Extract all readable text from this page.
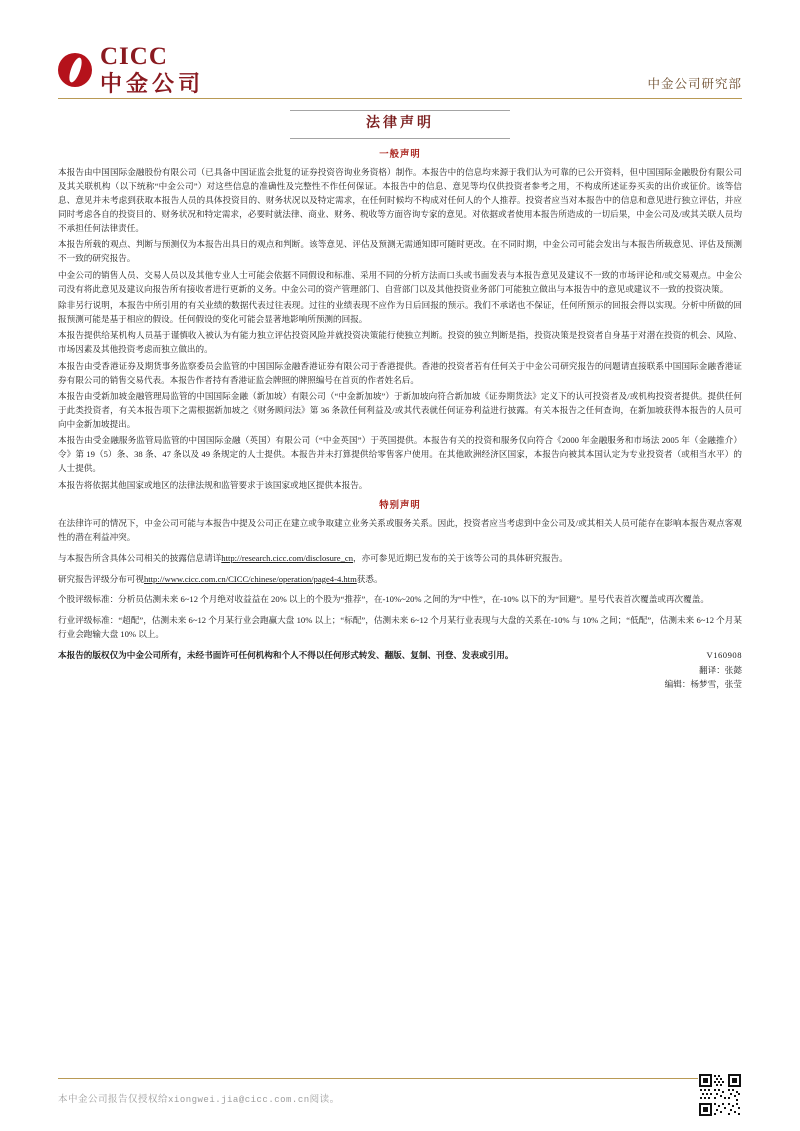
CICC
中金公司	中金公司研究部
法律声明
一般声明

本报告由中国国际金融股份有限公司（已具备中国证监会批复的证券投资咨询业务资格）制作。本报告中的信息均来源于我们认为可靠的已公开资料，但中国国际金融股份有限公司及其关联机构（以下统称“中金公司”）对这些信息的准确性及完整性不作任何保证。本报告中的信息、意见等均仅供投资者参考之用，不构成所述证券买卖的出价或征价。该等信息、意见并未考虑到获取本报告人员的具体投资目的、财务状况以及特定需求，在任何时候均不构成对任何人的个人推荐。投资者应当对本报告中的信息和意见进行独立评估，并应同时考虑各自的投资目的、财务状况和特定需求，必要时就法律、商业、财务、税收等方面咨询专家的意见。对依据或者使用本报告所造成的一切后果，中金公司及/或其关联人员均不承担任何法律责任。

本报告所载的观点、判断与预测仅为本报告出具日的观点和判断。该等意见、评估及预测无需通知即可随时更改。在不同时期，中金公司可能会发出与本报告所载意见、评估及预测不一致的研究报告。

中金公司的销售人员、交易人员以及其他专业人士可能会依据不同假设和标准、采用不同的分析方法而口头或书面发表与本报告意见及建议不一致的市场评论和/或交易观点。中金公司没有将此意见及建议向报告所有接收者进行更新的义务。中金公司的资产管理部门、自营部门以及其他投资业务部门可能独立做出与本报告中的意见或建议不一致的投资决策。

除非另行说明，本报告中所引用的有关业绩的数据代表过往表现。过往的业绩表现不应作为日后回报的预示。我们不承诺也不保证，任何所预示的回报会得以实现。分析中所做的回报预测可能是基于相应的假设。任何假设的变化可能会显著地影响所预测的回报。

本报告提供给某机构人员基于谨慎收入被认为有能力独立评估投资风险并就投资决策能行使独立判断。投资的独立判断是指，投资决策是投资者自身基于对潜在投资的机会、风险、市场因素及其他投资考虑而独立做出的。

本报告由受香港证券及期货事务监察委员会监管的中国国际金融香港证券有限公司于香港提供。香港的投资者若有任何关于中金公司研究报告的问题请直接联系中国国际金融香港证券有限公司的销售交易代表。本报告作者持有香港证监会牌照的牌照编号在首页的作者姓名后。

本报告由受新加坡金融管理局监管的中国国际金融（新加坡）有限公司（“中金新加坡”）于新加坡向符合新加坡《证券期货法》定义下的认可投资者及/或机构投资者提供。提供任何于此类投资者，有关本报告项下之需根据新加坡之《财务顾问法》第 36 条款任何利益及/或其代表就任何证券利益进行披露。有关本报告之任何查询，在新加坡获得本报告的人员可向中金新加坡提出。

本报告由受金融服务监管局监管的中国国际金融（英国）有限公司（“中金英国”）于英国提供。本报告有关的投资和服务仅向符合《2000 年金融服务和市场法 2005 年（金融推介）令》第 19（5）条、38 条、47 条以及 49 条规定的人士提供。本报告并未打算提供给零售客户使用。在其他欧洲经济区国家，本报告向被其本国认定为专业投资者（或相当水平）的人士提供。

本报告将依据其他国家或地区的法律法规和监管要求于该国家或地区提供本报告。

特别声明

在法律许可的情况下，中金公司可能与本报告中提及公司正在建立或争取建立业务关系或服务关系。因此，投资者应当考虑到中金公司及/或其相关人员可能存在影响本报告观点客观性的潜在利益冲突。

与本报告所含具体公司相关的披露信息请详http://research.cicc.com/disclosure_cn，亦可参见近期已发布的关于该等公司的具体研究报告。

研究报告评级分布可视http://www.cicc.com.cn/CICC/chinese/operation/page4-4.htm获悉。

个股评级标准：分析员估测未来 6~12 个月绝对收益益在 20% 以上的个股为“推荐”，在-10%~20% 之间的为“中性”，在-10% 以下的为“回避”。星号代表首次覆盖或再次覆盖。

行业评级标准：“超配”，估测未来 6~12 个月某行业会跑赢大盘 10% 以上；“标配”，估测未来 6~12 个月某行业表现与大盘的关系在-10% 与 10% 之间；“低配”，估测未来 6~12 个月某行业会跑输大盘 10% 以上。

本报告的版权仅为中金公司所有，未经书面许可任何机构和个人不得以任何形式转发、翻版、复制、刊登、发表或引用。	V160908
翻译：张懿
编辑：杨梦雪，张莹
本中金公司报告仅授权给xiongwei.jia@cicc.com.cn阅读。
